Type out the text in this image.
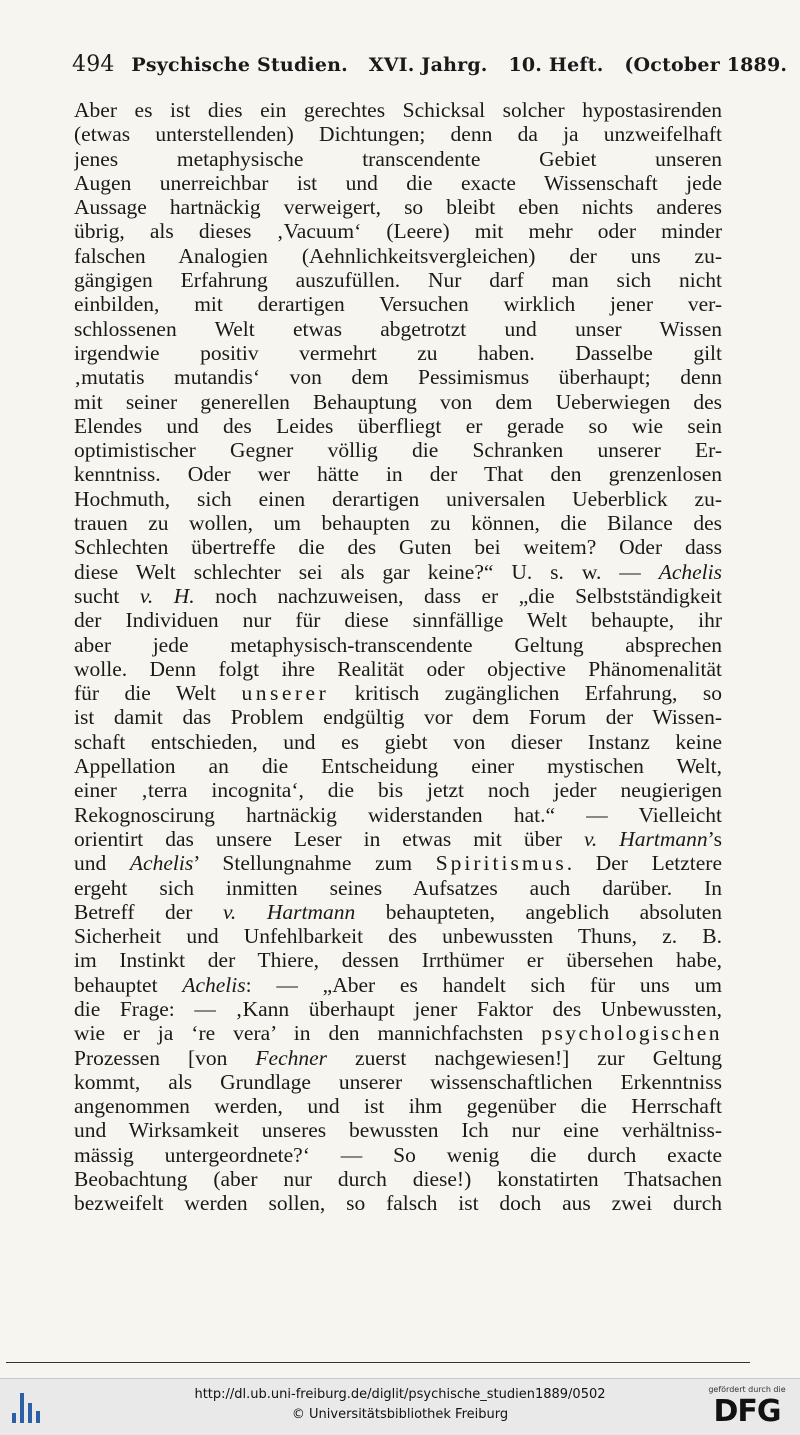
494 Psychische Studien. XVI. Jahrg. 10. Heft. (October 1889.
Aber es ist dies ein gerechtes Schicksal solcher hypostasirenden
(etwas unterstellenden) Dichtungen; denn da ja unzweifelhaft
jenes metaphysische transcendente Gebiet unseren
Augen unerreichbar ist und die exacte Wissenschaft jede
Aussage hartnäckig verweigert, so bleibt eben nichts anderes
übrig, als dieses ‚Vacuum‘ (Leere) mit mehr oder minder
falschen Analogien (Aehnlichkeitsvergleichen) der uns zu-
gängigen Erfahrung auszufüllen. Nur darf man sich nicht
einbilden, mit derartigen Versuchen wirklich jener ver-
schlossenen Welt etwas abgetrotzt und unser Wissen
irgendwie positiv vermehrt zu haben. Dasselbe gilt
‚mutatis mutandis‘ von dem Pessimismus überhaupt; denn
mit seiner generellen Behauptung von dem Ueberwiegen des
Elendes und des Leides überfliegt er gerade so wie sein
optimistischer Gegner völlig die Schranken unserer Er-
kenntniss. Oder wer hätte in der That den grenzenlosen
Hochmuth, sich einen derartigen universalen Ueberblick zu-
trauen zu wollen, um behaupten zu können, die Bilance des
Schlechten übertreffe die des Guten bei weitem? Oder dass
diese Welt schlechter sei als gar keine?“ U. s. w. — Achelis
sucht v. H. noch nachzuweisen, dass er „die Selbstständigkeit
der Individuen nur für diese sinnfällige Welt behaupte, ihr
aber jede metaphysisch-transcendente Geltung absprechen
wolle. Denn folgt ihre Realität oder objective Phänomenalität
für die Welt unserer kritisch zugänglichen Erfahrung, so
ist damit das Problem endgültig vor dem Forum der Wissen-
schaft entschieden, und es giebt von dieser Instanz keine
Appellation an die Entscheidung einer mystischen Welt,
einer ‚terra incognita‘, die bis jetzt noch jeder neugierigen
Rekognoscirung hartnäckig widerstanden hat.“ — Vielleicht
orientirt das unsere Leser in etwas mit über v. Hartmann’s
und Achelis’ Stellungnahme zum Spiritismus. Der Letztere
ergeht sich inmitten seines Aufsatzes auch darüber. In
Betreff der v. Hartmann behaupteten, angeblich absoluten
Sicherheit und Unfehlbarkeit des unbewussten Thuns, z. B.
im Instinkt der Thiere, dessen Irrthümer er übersehen habe,
behauptet Achelis: — „Aber es handelt sich für uns um
die Frage: — ‚Kann überhaupt jener Faktor des Unbewussten,
wie er ja ‘re vera’ in den mannichfachsten psychologischen
Prozessen [von Fechner zuerst nachgewiesen!] zur Geltung
kommt, als Grundlage unserer wissenschaftlichen Erkenntniss
angenommen werden, und ist ihm gegenüber die Herrschaft
und Wirksamkeit unseres bewussten Ich nur eine verhältniss-
mässig untergeordnete?‘ — So wenig die durch exacte
Beobachtung (aber nur durch diese!) konstatirten Thatsachen
bezweifelt werden sollen, so falsch ist doch aus zwei durch
http://dl.ub.uni-freiburg.de/diglit/psychische_studien1889/0502
© Universitätsbibliothek Freiburg
gefördert durch die
DFG
